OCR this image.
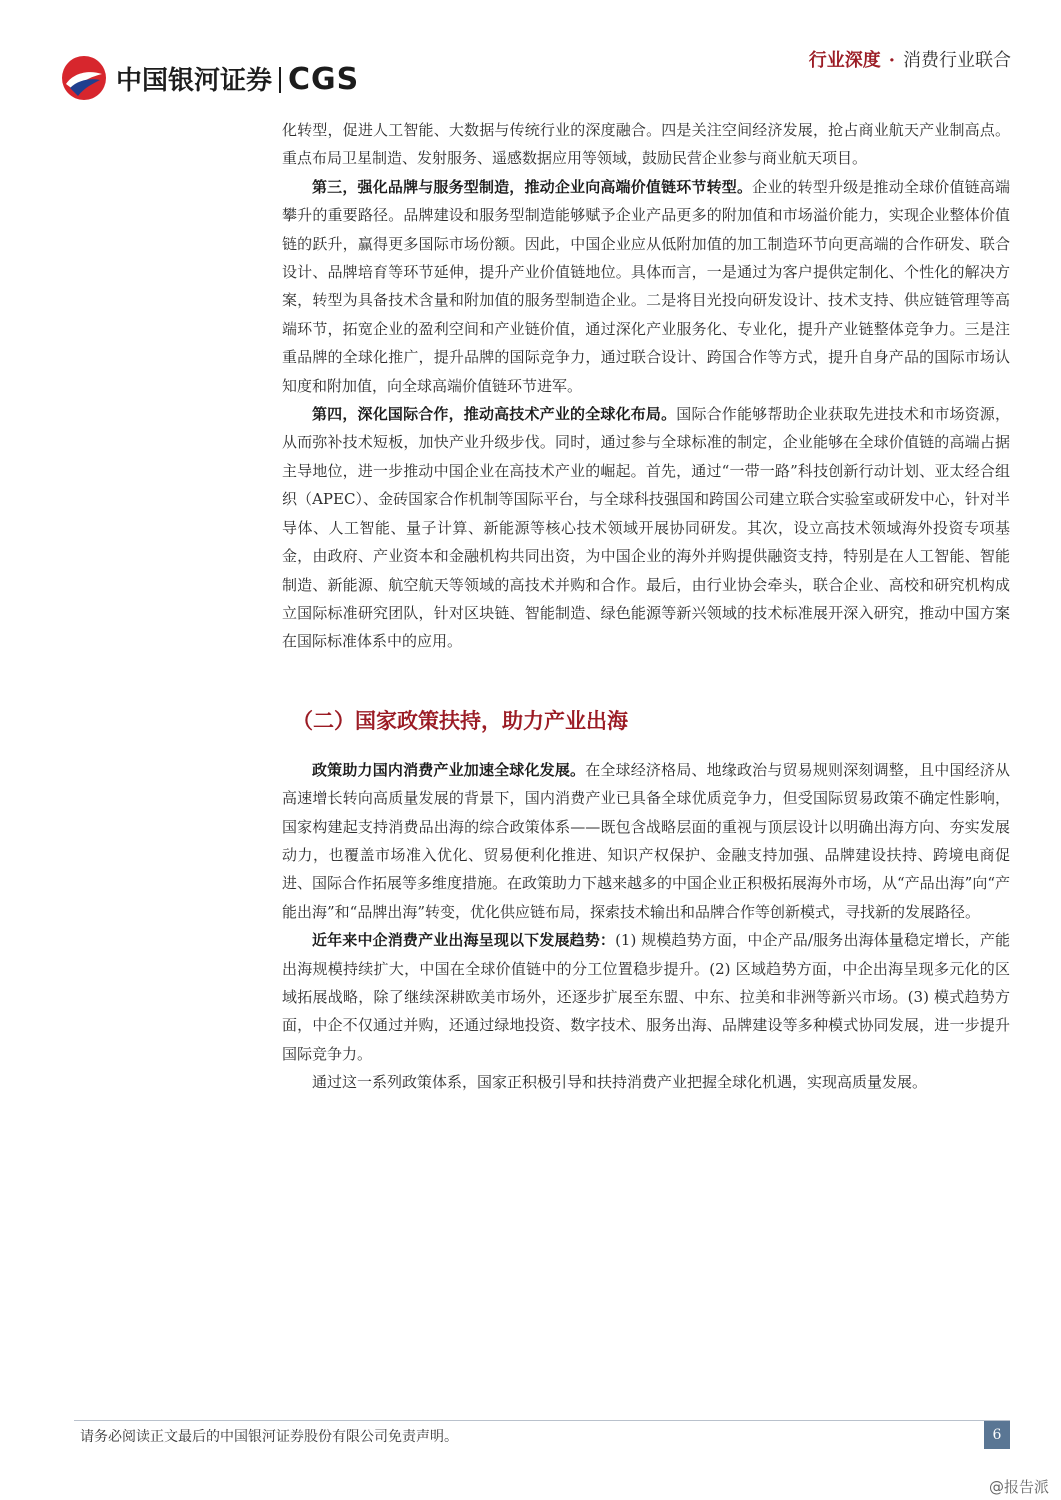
中国银河证券 CGS
行业深度 · 消费行业联合

化转型，促进人工智能、大数据与传统行业的深度融合。四是关注空间经济发展，抢占商业航天产业制高点。重点布局卫星制造、发射服务、遥感数据应用等领域，鼓励民营企业参与商业航天项目。

第三，强化品牌与服务型制造，推动企业向高端价值链环节转型。企业的转型升级是推动全球价值链高端攀升的重要路径。品牌建设和服务型制造能够赋予企业产品更多的附加值和市场溢价能力，实现企业整体价值链的跃升，赢得更多国际市场份额。因此，中国企业应从低附加值的加工制造环节向更高端的合作研发、联合设计、品牌培育等环节延伸，提升产业价值链地位。具体而言，一是通过为客户提供定制化、个性化的解决方案，转型为具备技术含量和附加值的服务型制造企业。二是将目光投向研发设计、技术支持、供应链管理等高端环节，拓宽企业的盈利空间和产业链价值，通过深化产业服务化、专业化，提升产业链整体竞争力。三是注重品牌的全球化推广，提升品牌的国际竞争力，通过联合设计、跨国合作等方式，提升自身产品的国际市场认知度和附加值，向全球高端价值链环节进军。

第四，深化国际合作，推动高技术产业的全球化布局。国际合作能够帮助企业获取先进技术和市场资源，从而弥补技术短板，加快产业升级步伐。同时，通过参与全球标准的制定，企业能够在全球价值链的高端占据主导地位，进一步推动中国企业在高技术产业的崛起。首先，通过“一带一路”科技创新行动计划、亚太经合组织（APEC）、金砖国家合作机制等国际平台，与全球科技强国和跨国公司建立联合实验室或研发中心，针对半导体、人工智能、量子计算、新能源等核心技术领域开展协同研发。其次，设立高技术领域海外投资专项基金，由政府、产业资本和金融机构共同出资，为中国企业的海外并购提供融资支持，特别是在人工智能、智能制造、新能源、航空航天等领域的高技术并购和合作。最后，由行业协会牵头，联合企业、高校和研究机构成立国际标准研究团队，针对区块链、智能制造、绿色能源等新兴领域的技术标准展开深入研究，推动中国方案在国际标准体系中的应用。

（二）国家政策扶持，助力产业出海

政策助力国内消费产业加速全球化发展。在全球经济格局、地缘政治与贸易规则深刻调整，且中国经济从高速增长转向高质量发展的背景下，国内消费产业已具备全球优质竞争力，但受国际贸易政策不确定性影响，国家构建起支持消费品出海的综合政策体系——既包含战略层面的重视与顶层设计以明确出海方向、夯实发展动力，也覆盖市场准入优化、贸易便利化推进、知识产权保护、金融支持加强、品牌建设扶持、跨境电商促进、国际合作拓展等多维度措施。在政策助力下越来越多的中国企业正积极拓展海外市场，从“产品出海”向“产能出海”和“品牌出海”转变，优化供应链布局，探索技术输出和品牌合作等创新模式，寻找新的发展路径。

近年来中企消费产业出海呈现以下发展趋势：(1) 规模趋势方面，中企产品/服务出海体量稳定增长，产能出海规模持续扩大，中国在全球价值链中的分工位置稳步提升。(2) 区域趋势方面，中企出海呈现多元化的区域拓展战略，除了继续深耕欧美市场外，还逐步扩展至东盟、中东、拉美和非洲等新兴市场。(3) 模式趋势方面，中企不仅通过并购，还通过绿地投资、数字技术、服务出海、品牌建设等多种模式协同发展，进一步提升国际竞争力。

通过这一系列政策体系，国家正积极引导和扶持消费产业把握全球化机遇，实现高质量发展。

请务必阅读正文最后的中国银河证券股份有限公司免责声明。	6
@报告派
